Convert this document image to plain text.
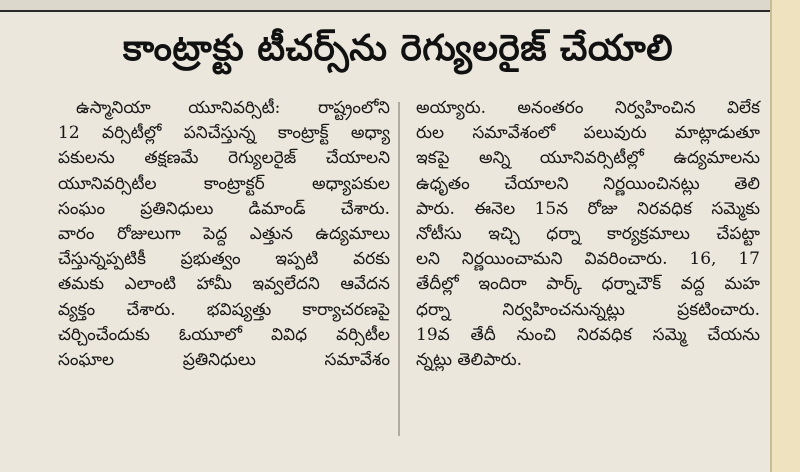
కాంట్రాక్టు టీచర్స్‌ను రెగ్యులరైజ్ చేయాలి
ఉస్మానియా యూనివర్సిటీ: రాష్ట్రంలోని
12 వర్సిటీల్లో పనిచేస్తున్న కాంట్రాక్ట్ అధ్యా
పకులను తక్షణమే రెగ్యులరైజ్ చేయాలని
యూనివర్సిటీల కాంట్రాక్టర్ అధ్యాపకుల
సంఘం ప్రతినిధులు డిమాండ్ చేశారు.
వారం రోజులుగా పెద్ద ఎత్తున ఉద్యమాలు
చేస్తున్నప్పటికీ ప్రభుత్వం ఇప్పటి వరకు
తమకు ఎలాంటి హామీ ఇవ్వలేదని ఆవేదన
వ్యక్తం చేశారు. భవిష్యత్తు కార్యాచరణపై
చర్చించేందుకు ఓయూలో వివిధ వర్సిటీల
సంఘాల ప్రతినిధులు సమావేశం
అయ్యారు. అనంతరం నిర్వహించిన విలేక
రుల సమావేశంలో పలువురు మాట్లాడుతూ
ఇకపై అన్ని యూనివర్సిటీల్లో ఉద్యమాలను
ఉధృతం చేయాలని నిర్ణయించినట్లు తెలి
పారు. ఈనెల 15న రోజు నిరవధిక సమ్మెకు
నోటీసు ఇచ్చి ధర్నా కార్యక్రమాలు చేపట్టా
లని నిర్ణయించామని వివరించారు. 16, 17
తేదీల్లో ఇందిరా పార్క్ ధర్నాచౌక్ వద్ద మహ
ధర్నా నిర్వహించనున్నట్లు ప్రకటించారు.
19వ తేదీ నుంచి నిరవధిక సమ్మె చేయను
న్నట్లు తెలిపారు.
